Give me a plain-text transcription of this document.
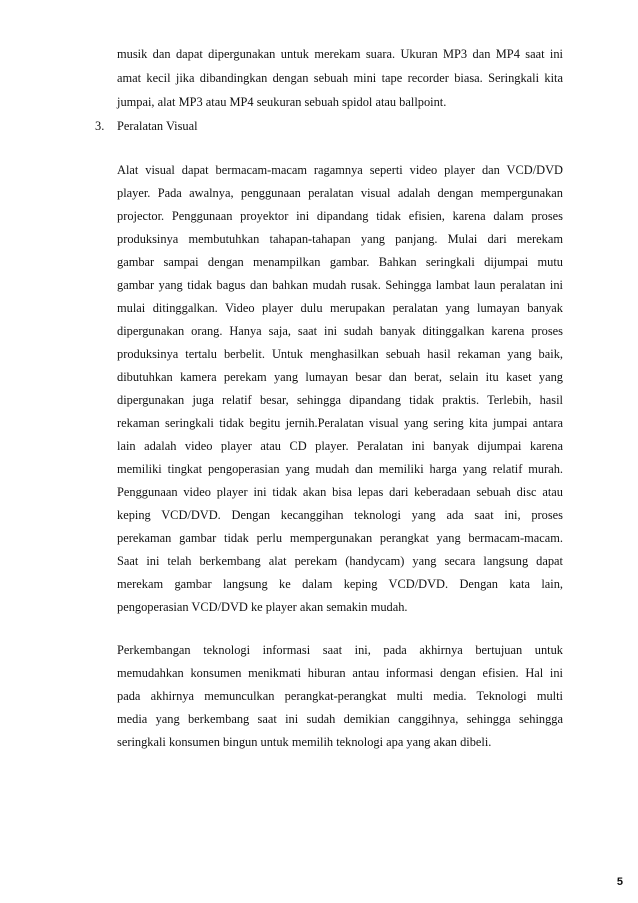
musik dan dapat dipergunakan untuk merekam suara. Ukuran MP3 dan MP4 saat ini
amat kecil jika dibandingkan dengan sebuah mini tape recorder biasa. Seringkali kita
jumpai, alat MP3 atau MP4 seukuran sebuah spidol atau ballpoint.
3. Peralatan Visual
Alat visual dapat bermacam-macam ragamnya seperti video player dan VCD/DVD
player. Pada awalnya, penggunaan peralatan visual adalah dengan mempergunakan
projector. Penggunaan proyektor ini dipandang tidak efisien, karena dalam proses
produksinya membutuhkan tahapan-tahapan yang panjang. Mulai dari merekam
gambar sampai dengan menampilkan gambar. Bahkan seringkali dijumpai mutu
gambar yang tidak bagus dan bahkan mudah rusak. Sehingga lambat laun peralatan ini
mulai ditinggalkan. Video player dulu merupakan peralatan yang lumayan banyak
dipergunakan orang. Hanya saja, saat ini sudah banyak ditinggalkan karena proses
produksinya tertalu berbelit. Untuk menghasilkan sebuah hasil rekaman yang baik,
dibutuhkan kamera perekam yang lumayan besar dan berat, selain itu kaset yang
dipergunakan juga relatif besar, sehingga dipandang tidak praktis. Terlebih, hasil
rekaman seringkali tidak begitu jernih.Peralatan visual yang sering kita jumpai antara
lain adalah video player atau CD player. Peralatan ini banyak dijumpai karena
memiliki tingkat pengoperasian yang mudah dan memiliki harga yang relatif murah.
Penggunaan video player ini tidak akan bisa lepas dari keberadaan sebuah disc atau
keping VCD/DVD. Dengan kecanggihan teknologi yang ada saat ini, proses
perekaman gambar tidak perlu mempergunakan perangkat yang bermacam-macam.
Saat ini telah berkembang alat perekam (handycam) yang secara langsung dapat
merekam gambar langsung ke dalam keping VCD/DVD. Dengan kata lain,
pengoperasian VCD/DVD ke player akan semakin mudah.
Perkembangan teknologi informasi saat ini, pada akhirnya bertujuan untuk
memudahkan konsumen menikmati hiburan antau informasi dengan efisien. Hal ini
pada akhirnya memunculkan perangkat-perangkat multi media. Teknologi multi
media yang berkembang saat ini sudah demikian canggihnya, sehingga sehingga
seringkali konsumen bingun untuk memilih teknologi apa yang akan dibeli.
5
